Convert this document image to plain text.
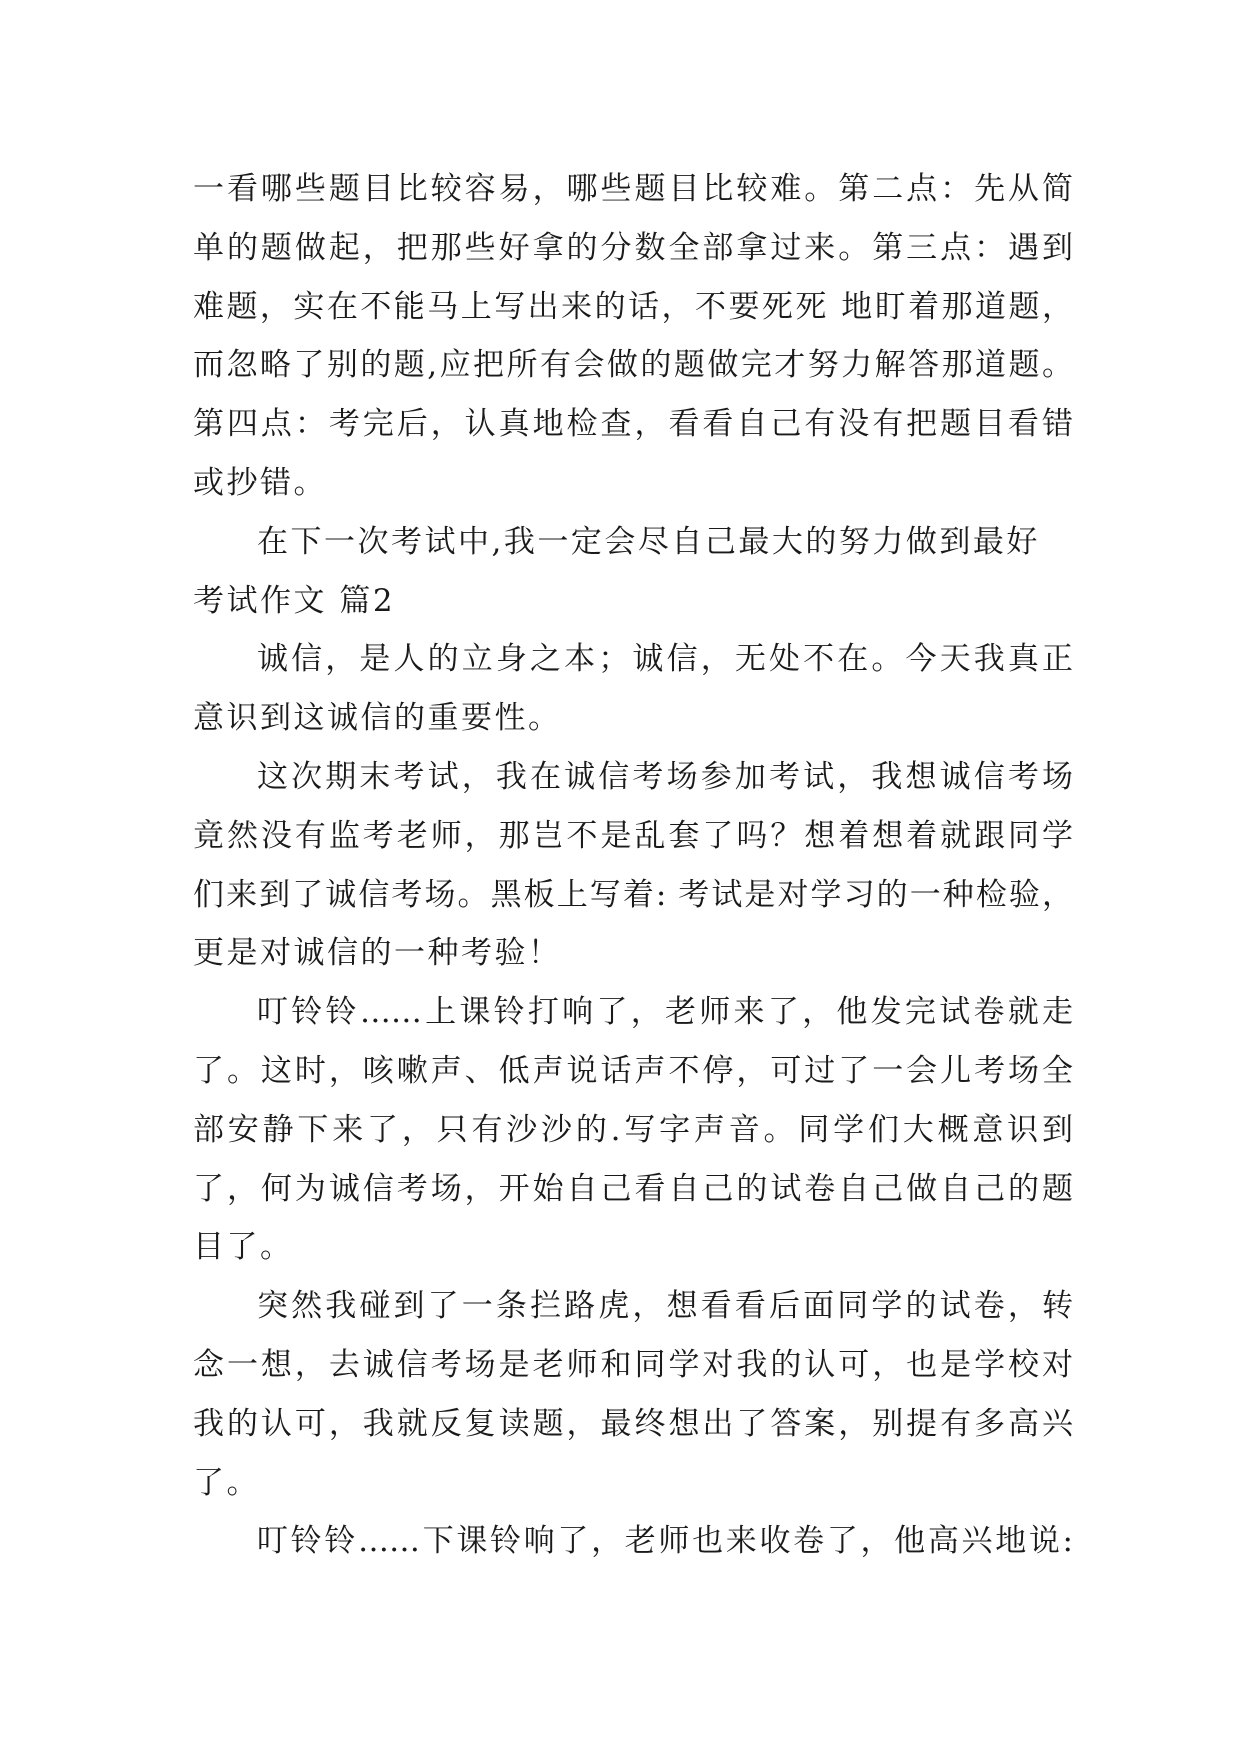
一看哪些题目比较容易，哪些题目比较难。第二点：先从简
单的题做起，把那些好拿的分数全部拿过来。第三点：遇到
难题，实在不能马上写出来的话，不要死死 地盯着那道题，
而忽略了别的题,应把所有会做的题做完才努力解答那道题。
第四点：考完后，认真地检查，看看自己有没有把题目看错
或抄错。
在下一次考试中,我一定会尽自己最大的努力做到最好
考试作文 篇2
诚信，是人的立身之本；诚信，无处不在。今天我真正
意识到这诚信的重要性。
这次期末考试，我在诚信考场参加考试，我想诚信考场
竟然没有监考老师，那岂不是乱套了吗？想着想着就跟同学
们来到了诚信考场。黑板上写着: 考试是对学习的一种检验，
更是对诚信的一种考验！
叮铃铃……上课铃打响了，老师来了，他发完试卷就走
了。这时，咳嗽声、低声说话声不停，可过了一会儿考场全
部安静下来了，只有沙沙的.写字声音。同学们大概意识到
了，何为诚信考场，开始自己看自己的试卷自己做自己的题
目了。
突然我碰到了一条拦路虎，想看看后面同学的试卷，转
念一想，去诚信考场是老师和同学对我的认可，也是学校对
我的认可，我就反复读题，最终想出了答案，别提有多高兴
了。
叮铃铃……下课铃响了，老师也来收卷了，他高兴地说:
